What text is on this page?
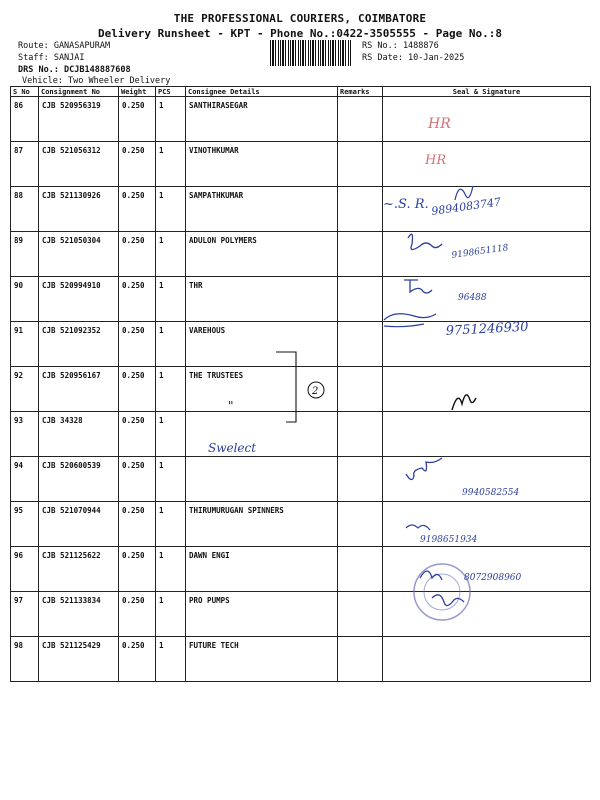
THE PROFESSIONAL COURIERS, COIMBATORE
Delivery Runsheet - KPT - Phone No.:0422-3505555 - Page No.:8
Route: GANASAPURAM
Staff: SANJAI
DRS No.: DCJB148887608
Vehicle: Two Wheeler Delivery
RS No.: 1488876
RS Date: 10-Jan-2025
S No	Consignment No	Weight	PCS	Consignee Details	Remarks	Seal & Signature
86	CJB 520956319	0.250	1	SANTHIRASEGAR		
87	CJB 521056312	0.250	1	VINOTHKUMAR		
88	CJB 521130926	0.250	1	SAMPATHKUMAR		
89	CJB 521050304	0.250	1	ADULON POLYMERS		
90	CJB 520994910	0.250	1	THR		
91	CJB 521092352	0.250	1	VAREHOUS		
92	CJB 520956167	0.250	1	THE TRUSTEES		
93	CJB 34328	0.250	1			
94	CJB 520600539	0.250	1			
95	CJB 521070944	0.250	1	THIRUMURUGAN SPINNERS		
96	CJB 521125622	0.250	1	DAWN ENGI		
97	CJB 521133834	0.250	1	PRO PUMPS		
98	CJB 521125429	0.250	1	FUTURE TECH		
HR
HR
~.S. R. 9894083747
9198651118
96488
9751246930
2
"
Swelect
9940582554
9198651934
8072908960
